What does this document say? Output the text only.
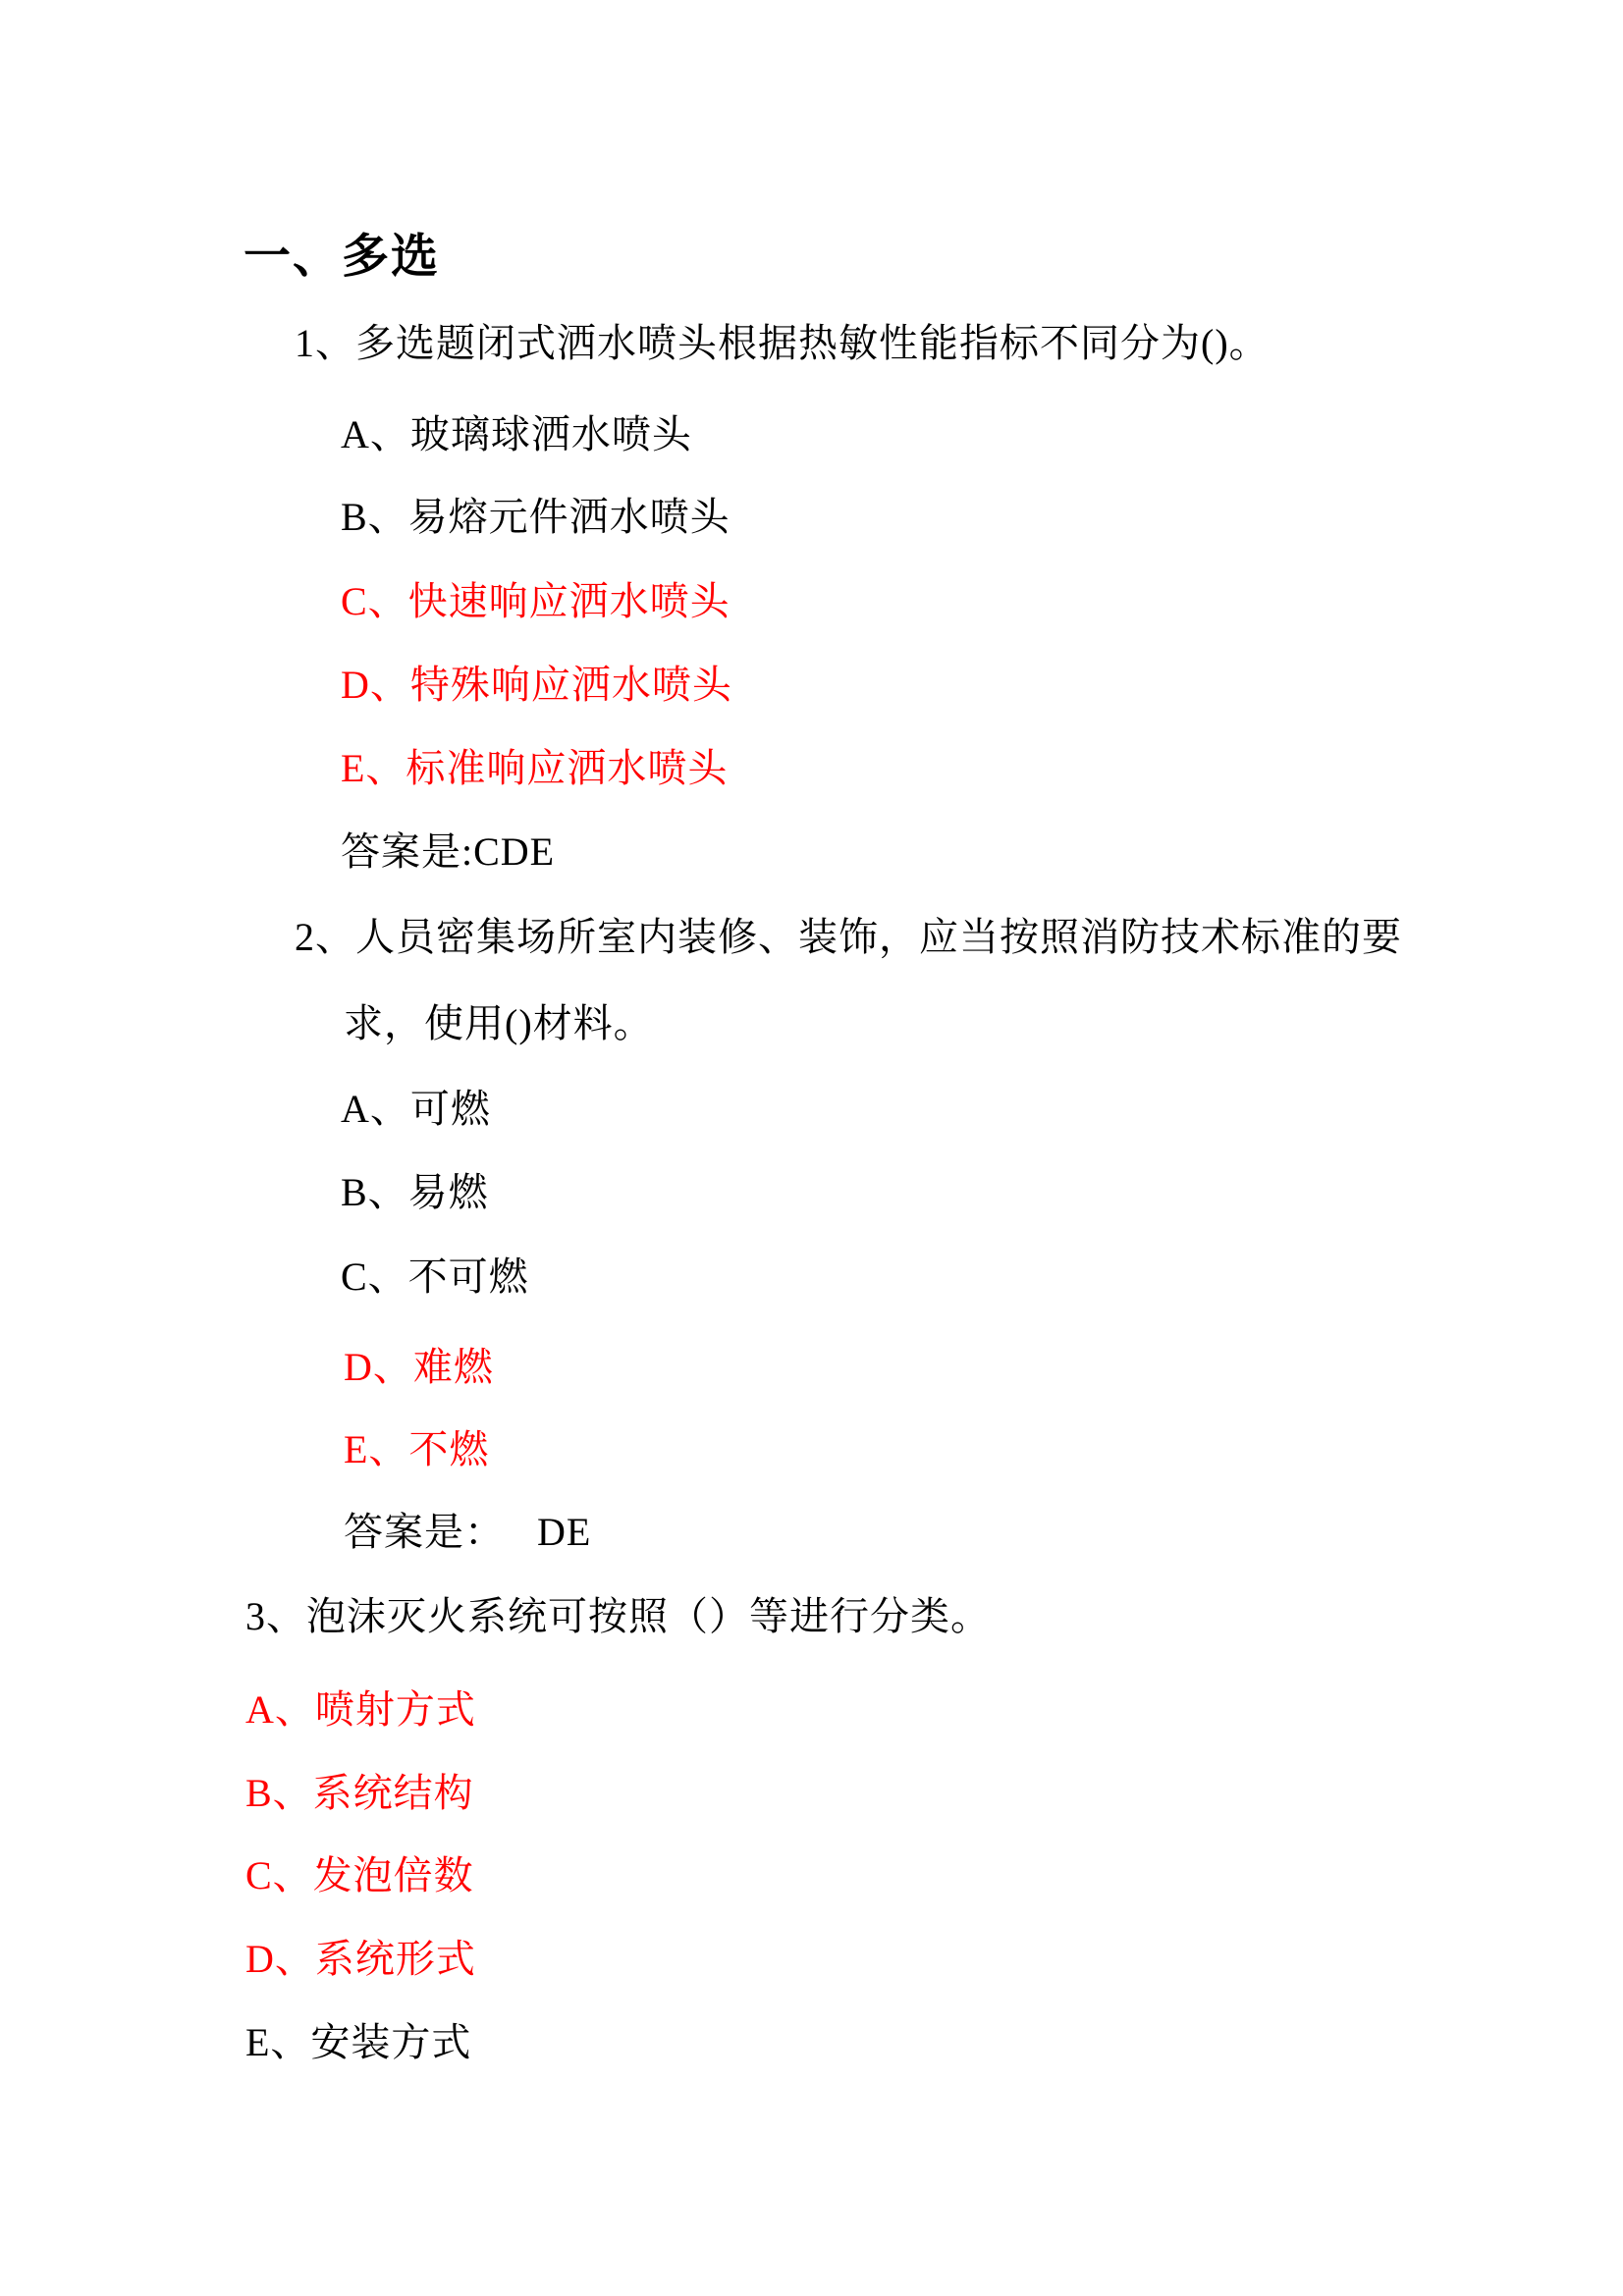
一、多选

1、多选题闭式洒水喷头根据热敏性能指标不同分为()。

A、玻璃球洒水喷头

B、易熔元件洒水喷头

C、快速响应洒水喷头

D、特殊响应洒水喷头

E、标准响应洒水喷头

答案是:CDE

2、人员密集场所室内装修、装饰，应当按照消防技术标准的要

求，使用()材料。

A、可燃

B、易燃

C、不可燃

D、难燃

E、不燃

答案是：   DE

3、泡沫灭火系统可按照（）等进行分类。

A、喷射方式

B、系统结构

C、发泡倍数

D、系统形式

E、安装方式
